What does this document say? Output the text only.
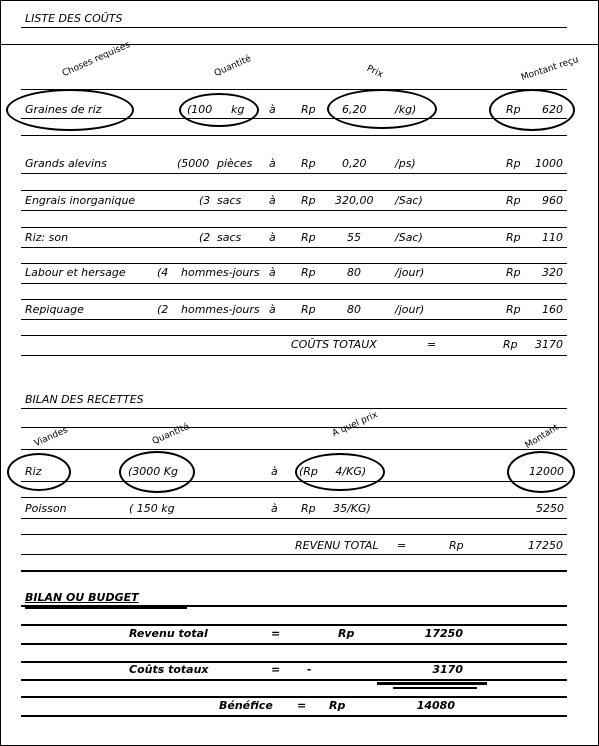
LISTE DES COÛTS
Choses requises	Quantité	Prix	Montant reçu
Graines de riz	(100 kg à Rp 6,20	/kg)	Rp	620
Grands alevins	(5000 pièces à Rp 0,20	/ps)	Rp	1000
Engrais inorganique	(3 sacs	à Rp 320,00 /Sac)	Rp	960
Riz: son	(2 sacs	à Rp	55	/Sac)	Rp	110
Labour et hersage	(4 hommes-jours à Rp	80	/jour)	Rp	320
Repiquage	(2 hommes-jours à Rp	80	/jour)	Rp	160
COÛTS TOTAUX	=	Rp	3170
BILAN DES RECETTES
Viandes	Quantité	À quel prix	Montant
Riz	(3000 Kg	à (Rp     4/KG)	12000
Poisson	( 150 kg	à Rp     35/KG)	5250
REVENU TOTAL =	Rp	17250
BILAN OU BUDGET
Revenu total	=	Rp	17250
Coûts totaux	= -	3170
Bénéfice = Rp	14080
